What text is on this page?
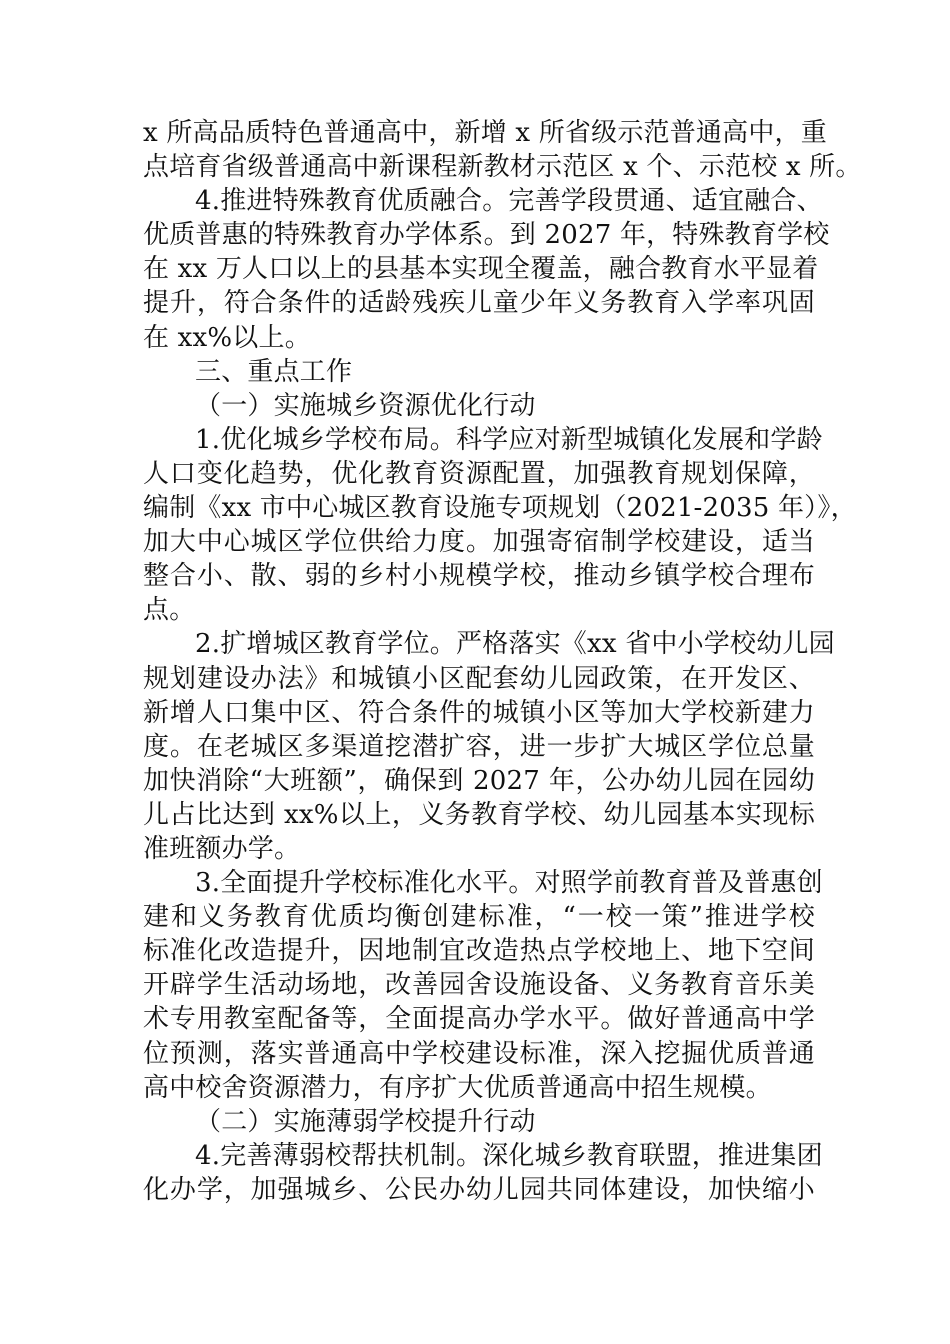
x 所高品质特色普通高中，新增 x 所省级示范普通高中，重
点培育省级普通高中新课程新教材示范区 x 个、示范校 x 所。
4.推进特殊教育优质融合。完善学段贯通、适宜融合、
优质普惠的特殊教育办学体系。到 2027 年，特殊教育学校
在 xx 万人口以上的县基本实现全覆盖，融合教育水平显着
提升，符合条件的适龄残疾儿童少年义务教育入学率巩固
在 xx%以上。
三、重点工作
（一）实施城乡资源优化行动
1.优化城乡学校布局。科学应对新型城镇化发展和学龄
人口变化趋势，优化教育资源配置，加强教育规划保障，
编制《xx 市中心城区教育设施专项规划（2021-2035 年）》，
加大中心城区学位供给力度。加强寄宿制学校建设，适当
整合小、散、弱的乡村小规模学校，推动乡镇学校合理布
点。
2.扩增城区教育学位。严格落实《xx 省中小学校幼儿园
规划建设办法》和城镇小区配套幼儿园政策，在开发区、
新增人口集中区、符合条件的城镇小区等加大学校新建力
度。在老城区多渠道挖潜扩容，进一步扩大城区学位总量
加快消除“大班额”，确保到 2027 年，公办幼儿园在园幼
儿占比达到 xx%以上，义务教育学校、幼儿园基本实现标
准班额办学。
3.全面提升学校标准化水平。对照学前教育普及普惠创
建和义务教育优质均衡创建标准，“一校一策”推进学校
标准化改造提升，因地制宜改造热点学校地上、地下空间
开辟学生活动场地，改善园舍设施设备、义务教育音乐美
术专用教室配备等，全面提高办学水平。做好普通高中学
位预测，落实普通高中学校建设标准，深入挖掘优质普通
高中校舍资源潜力，有序扩大优质普通高中招生规模。
（二）实施薄弱学校提升行动
4.完善薄弱校帮扶机制。深化城乡教育联盟，推进集团
化办学，加强城乡、公民办幼儿园共同体建设，加快缩小
